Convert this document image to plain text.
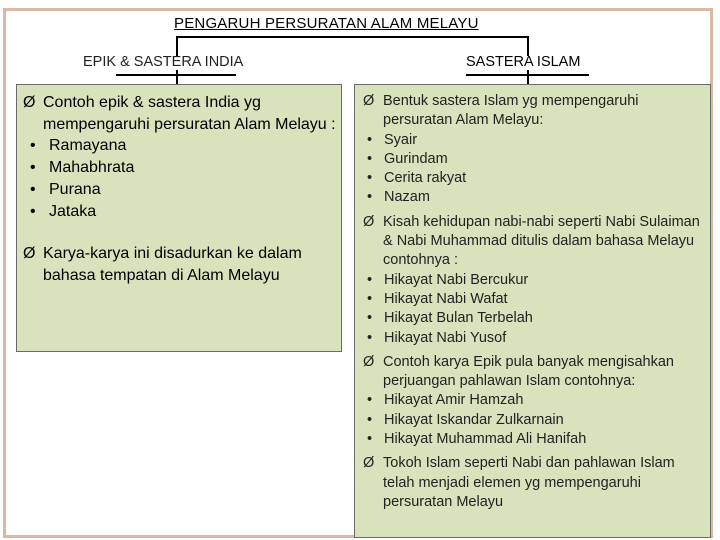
PENGARUH PERSURATAN ALAM MELAYU
EPIK & SASTERA INDIA	SASTERA ISLAM
Ø Contoh epik & sastera India yg mempengaruhi persuratan Alam Melayu :
• Ramayana
• Mahabhrata
• Purana
• Jataka
Ø Karya-karya ini disadurkan ke dalam bahasa tempatan di Alam Melayu
Ø Bentuk sastera Islam yg mempengaruhi persuratan Alam Melayu:
• Syair
• Gurindam
• Cerita rakyat
• Nazam
Ø Kisah kehidupan nabi-nabi seperti Nabi Sulaiman & Nabi Muhammad ditulis dalam bahasa Melayu contohnya :
• Hikayat Nabi Bercukur
• Hikayat Nabi Wafat
• Hikayat Bulan Terbelah
• Hikayat Nabi Yusof
Ø Contoh karya Epik pula banyak mengisahkan perjuangan pahlawan Islam contohnya:
• Hikayat Amir Hamzah
• Hikayat Iskandar Zulkarnain
• Hikayat Muhammad Ali Hanifah
Ø Tokoh Islam seperti Nabi dan pahlawan Islam telah menjadi elemen yg mempengaruhi persuratan Melayu
